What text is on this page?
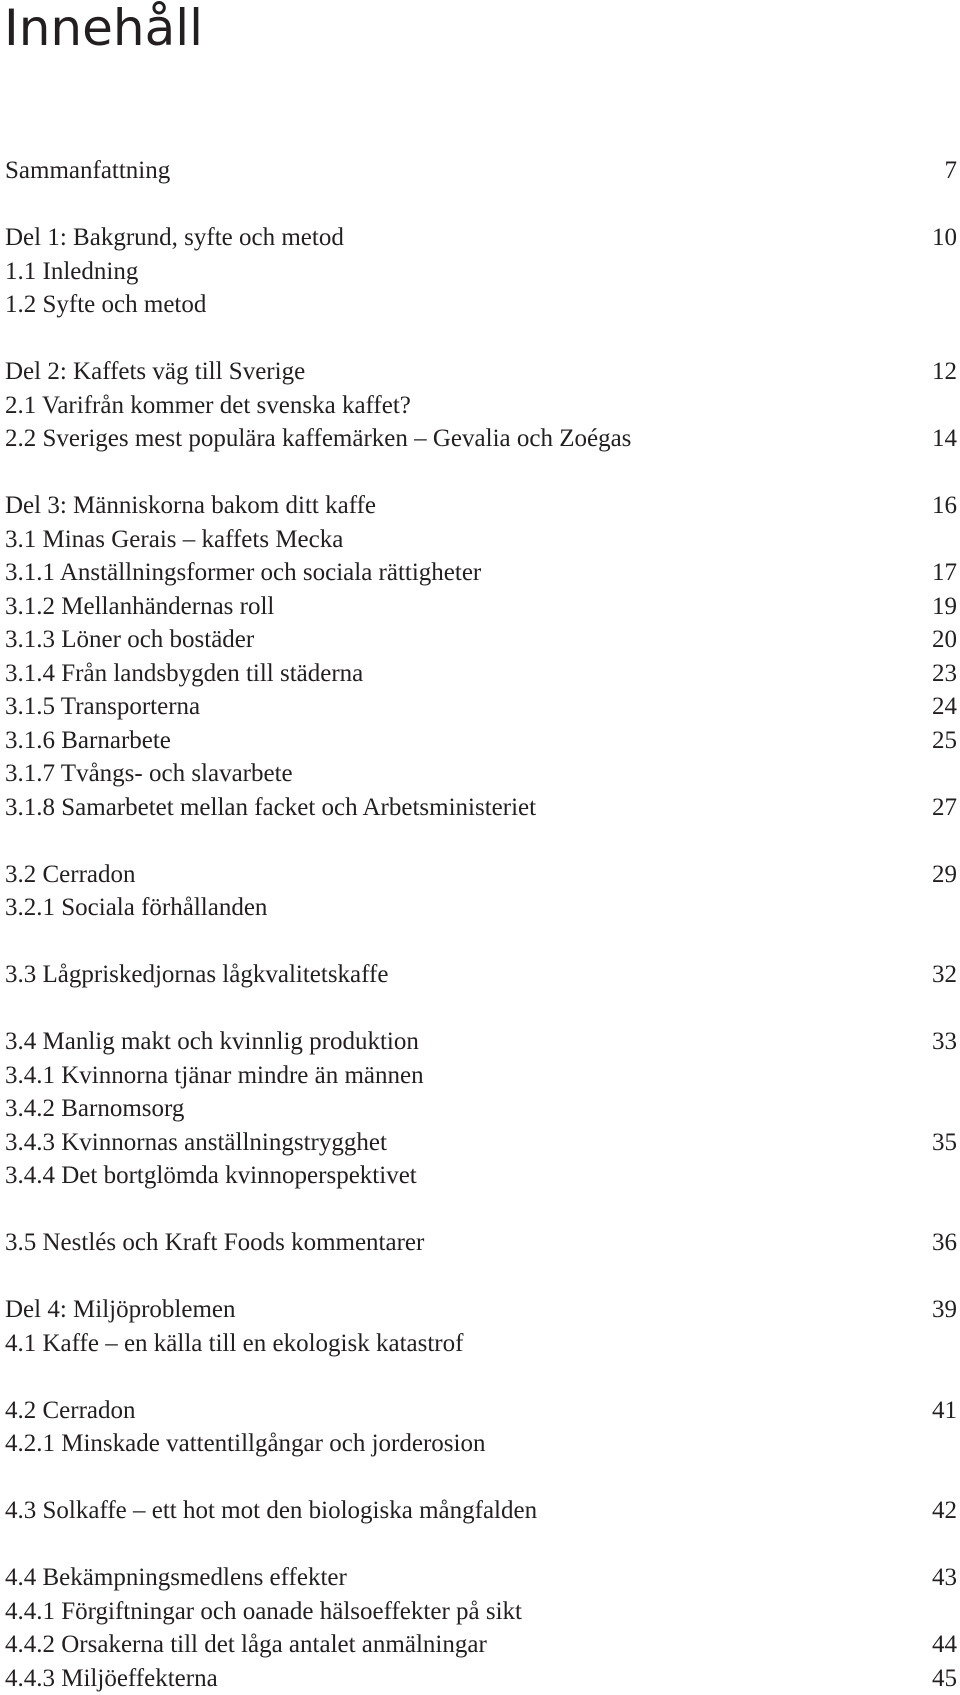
Innehåll
Sammanfattning	7
Del 1: Bakgrund, syfte och metod	10
1.1 Inledning
1.2 Syfte och metod
Del 2: Kaffets väg till Sverige	12
2.1 Varifrån kommer det svenska kaffet?
2.2 Sveriges mest populära kaffemärken – Gevalia och Zoégas	14
Del 3: Människorna bakom ditt kaffe	16
3.1 Minas Gerais – kaffets Mecka
3.1.1 Anställningsformer och sociala rättigheter	17
3.1.2 Mellanhändernas roll	19
3.1.3 Löner och bostäder	20
3.1.4 Från landsbygden till städerna	23
3.1.5 Transporterna	24
3.1.6 Barnarbete	25
3.1.7 Tvångs- och slavarbete
3.1.8 Samarbetet mellan facket och Arbetsministeriet	27
3.2 Cerradon	29
3.2.1 Sociala förhållanden
3.3 Lågpriskedjornas lågkvalitetskaffe	32
3.4 Manlig makt och kvinnlig produktion	33
3.4.1 Kvinnorna tjänar mindre än männen
3.4.2 Barnomsorg
3.4.3 Kvinnornas anställningstrygghet	35
3.4.4 Det bortglömda kvinnoperspektivet
3.5 Nestlés och Kraft Foods kommentarer	36
Del 4: Miljöproblemen	39
4.1 Kaffe – en källa till en ekologisk katastrof
4.2 Cerradon	41
4.2.1 Minskade vattentillgångar och jorderosion
4.3 Solkaffe – ett hot mot den biologiska mångfalden	42
4.4 Bekämpningsmedlens effekter	43
4.4.1 Förgiftningar och oanade hälsoeffekter på sikt
4.4.2 Orsakerna till det låga antalet anmälningar	44
4.4.3 Miljöeffekterna	45
